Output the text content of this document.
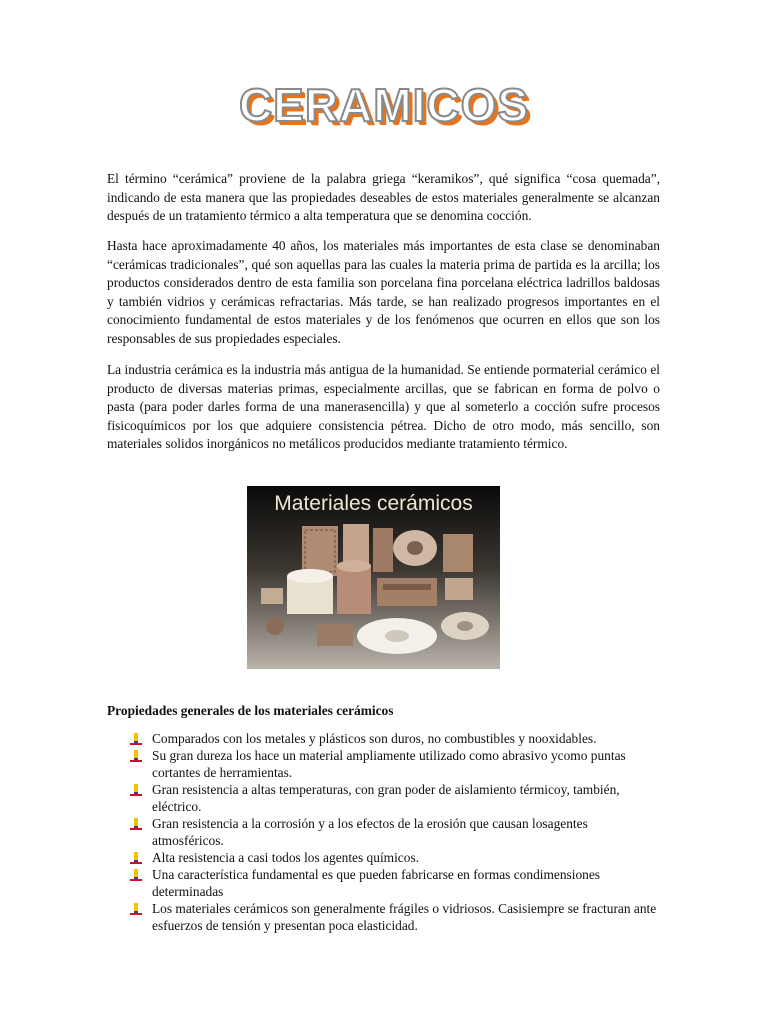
CERAMICOS

El término “cerámica” proviene de la palabra griega “keramikos”, qué significa “cosa quemada”, indicando de esta manera que las propiedades deseables de estos materiales generalmente se alcanzan después de un tratamiento térmico a alta temperatura que se denomina cocción.

Hasta hace aproximadamente 40 años, los materiales más importantes de esta clase se denominaban “cerámicas tradicionales”, qué son aquellas para las cuales la materia prima de partida es la arcilla; los productos considerados dentro de esta familia son porcelana fina porcelana eléctrica ladrillos baldosas y también vidrios y cerámicas refractarias. Más tarde, se han realizado progresos importantes en el conocimiento fundamental de estos materiales y de los fenómenos que ocurren en ellos que son los responsables de sus propiedades especiales.

La industria cerámica es la industria más antigua de la humanidad. Se entiende pormaterial cerámico el producto de diversas materias primas, especialmente arcillas, que se fabrican en forma de polvo o pasta (para poder darles forma de una manerasencilla) y que al someterlo a cocción sufre procesos fisicoquímicos por los que adquiere consistencia pétrea. Dicho de otro modo, más sencillo, son materiales solidos inorgánicos no metálicos producidos mediante tratamiento térmico.

Materiales cerámicos
Propiedades generales de los materiales cerámicos
Comparados con los metales y plásticos son duros, no combustibles y nooxidables.
Su gran dureza los hace un material ampliamente utilizado como abrasivo ycomo puntas cortantes de herramientas.
Gran resistencia a altas temperaturas, con gran poder de aislamiento térmicoy, también, eléctrico.
Gran resistencia a la corrosión y a los efectos de la erosión que causan losagentes atmosféricos.
Alta resistencia a casi todos los agentes químicos.
Una característica fundamental es que pueden fabricarse en formas condimensiones determinadas
Los materiales cerámicos son generalmente frágiles o vidriosos. Casisiempre se fracturan ante esfuerzos de tensión y presentan poca elasticidad.
